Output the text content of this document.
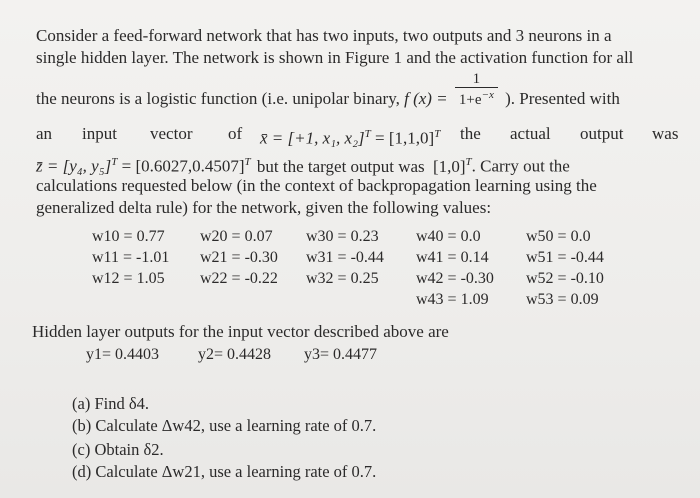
Consider a feed-forward network that has two inputs, two outputs and 3 neurons in a
single hidden layer. The network is shown in Figure 1 and the activation function for all
the neurons is a logistic function (i.e. unipolar binary, f $(x) = \frac{1}{1+e^{-x}}$ ). Presented with
an input vector of x̄ = [+1, x₁, $x_2]^T = [1,1,0]^T$ the actual output was
z̄ = [y₄, $y_5]^T = [0.6027,0.4507]^T$ but the target output was $[1,0]^T$. Carry out the
calculations requested below (in the context of backpropagation learning using the
generalized delta rule) for the network, given the following values:
w10 = 0.77
w11 = -1.01
w12 = 1.05
w20 = 0.07
w21 = -0.30
w22 = -0.22
w30 = 0.23
w31 = -0.44
w32 = 0.25
w40 = 0.0
w41 = 0.14
w42 = -0.30
w43 = 1.09
w50 = 0.0
w51 = -0.44
w52 = -0.10
w53 = 0.09
Hidden layer outputs for the input vector described above are
y1= 0.4403 y2= 0.4428 y3= 0.4477
(a) Find δ4.
(b) Calculate Δw42, use a learning rate of 0.7.
(c) Obtain δ2.
(d) Calculate Δw21, use a learning rate of 0.7.
